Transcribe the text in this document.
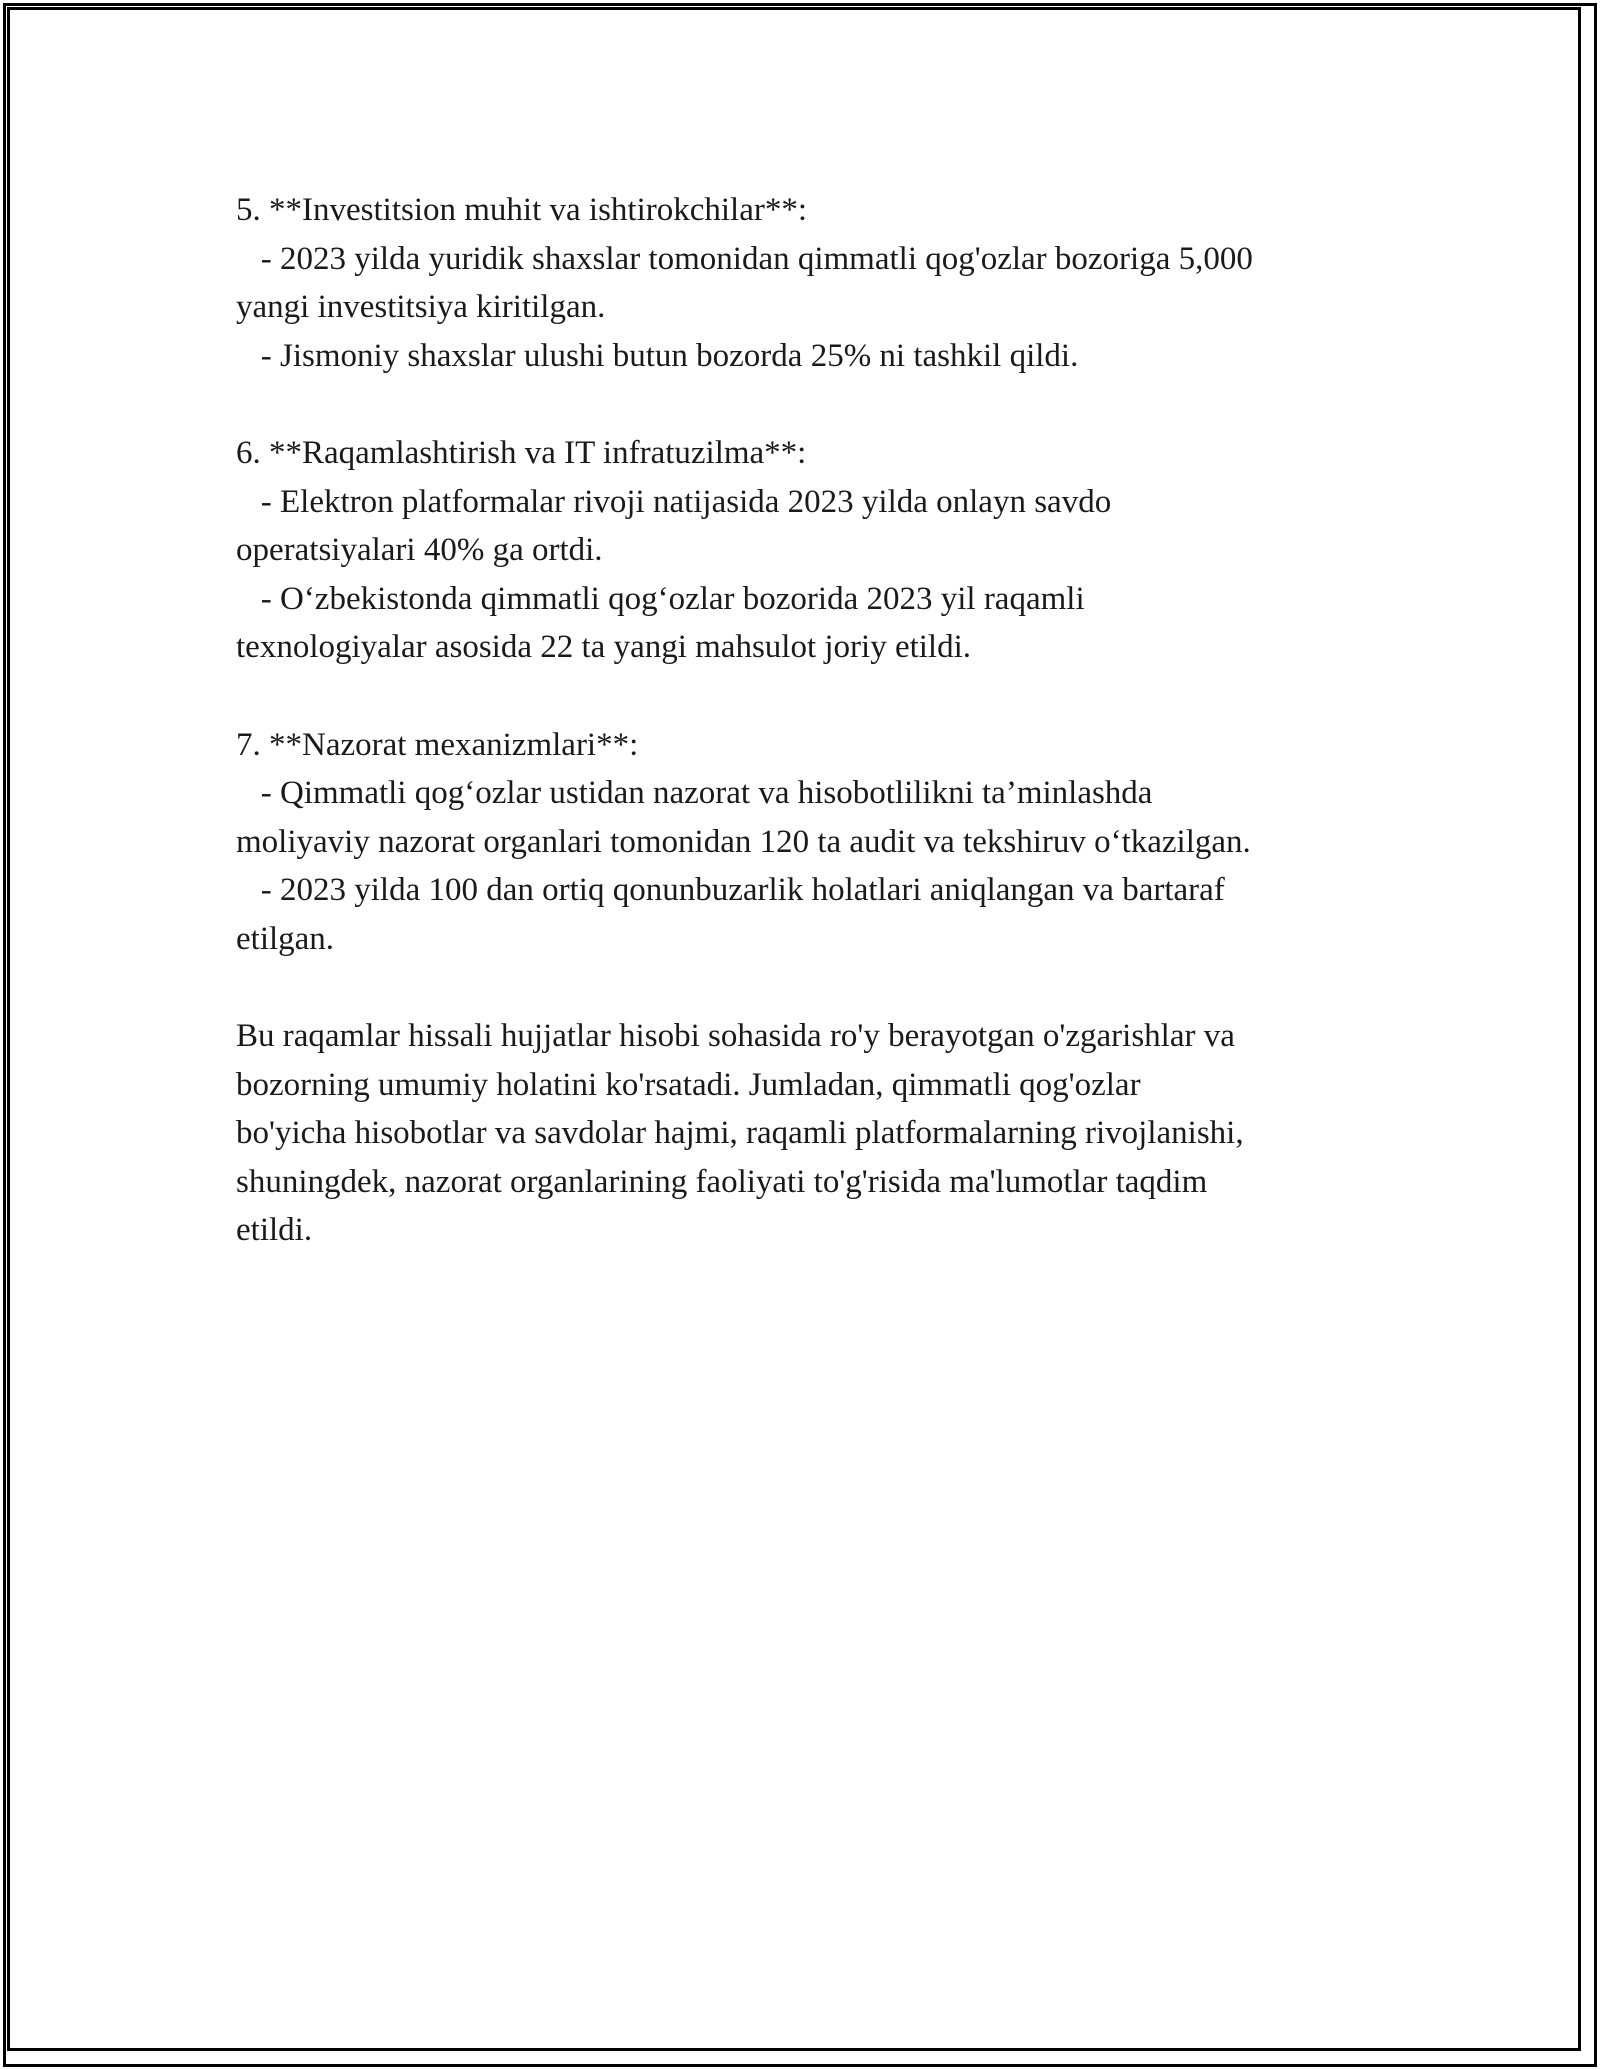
5. **Investitsion muhit va ishtirokchilar**:
- 2023 yilda yuridik shaxslar tomonidan qimmatli qog'ozlar bozoriga 5,000
yangi investitsiya kiritilgan.
- Jismoniy shaxslar ulushi butun bozorda 25% ni tashkil qildi.
6. **Raqamlashtirish va IT infratuzilma**:
- Elektron platformalar rivoji natijasida 2023 yilda onlayn savdo
operatsiyalari 40% ga ortdi.
- O‘zbekistonda qimmatli qog‘ozlar bozorida 2023 yil raqamli
texnologiyalar asosida 22 ta yangi mahsulot joriy etildi.
7. **Nazorat mexanizmlari**:
- Qimmatli qog‘ozlar ustidan nazorat va hisobotlilikni ta’minlashda
moliyaviy nazorat organlari tomonidan 120 ta audit va tekshiruv o‘tkazilgan.
- 2023 yilda 100 dan ortiq qonunbuzarlik holatlari aniqlangan va bartaraf
etilgan.
Bu raqamlar hissali hujjatlar hisobi sohasida ro'y berayotgan o'zgarishlar va
bozorning umumiy holatini ko'rsatadi. Jumladan, qimmatli qog'ozlar
bo'yicha hisobotlar va savdolar hajmi, raqamli platformalarning rivojlanishi,
shuningdek, nazorat organlarining faoliyati to'g'risida ma'lumotlar taqdim
etildi.
